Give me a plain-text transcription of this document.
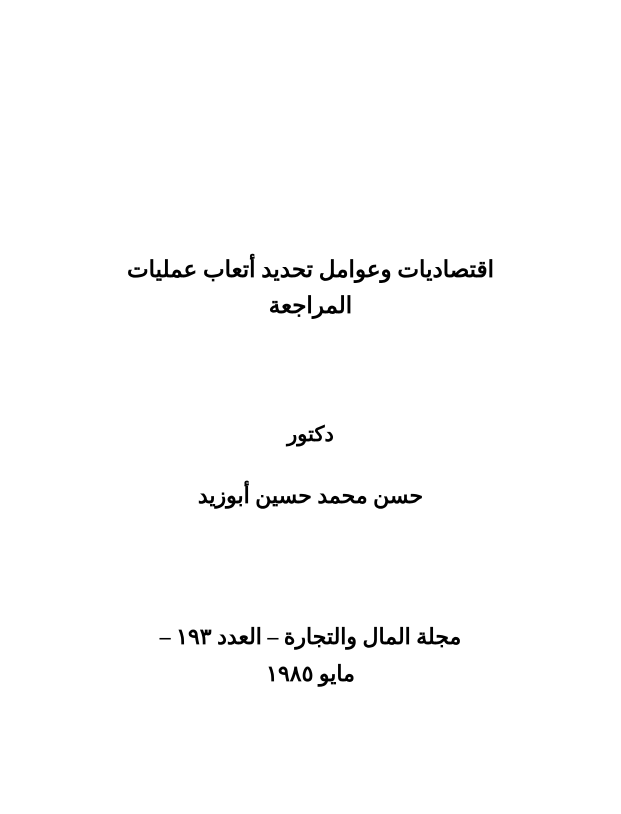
اقتصاديات وعوامل تحديد أتعاب عمليات
المراجعة
دكتور
حسن محمد حسين أبوزيد
مجلة المال والتجارة – العدد ١٩٣ –
مايو ١٩٨٥
